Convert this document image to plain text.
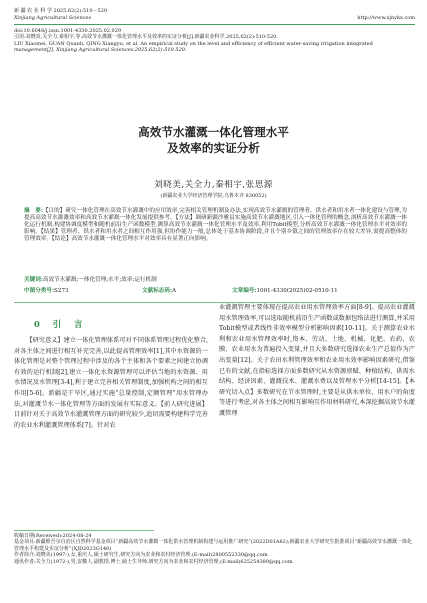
新 疆 农 业 科 学 2025,62(2):510－520
Xinjiang Agricultural Sciences	http://www.xjnykx.com
doi:10.6048/j.issn.1001-4330.2025.02.029
引用:刘晓炎,关全力,秦相宇,等.高效节水灌溉一体化管理水平及效率的实证分析[J].新疆农业科学,2025,62(2):510-520.
LIU Xiaomei, GUAN Quanli, QING Xiangyu, et al. An empirical study on the level and efficiency of efficient water-saving irrigation integrated
management[J]. Xinjiang Agricultural Sciences,2025,62(2):510-520.
高效节水灌溉一体化管理水平
及效率的实证分析
刘晓美,关全力,秦相宇,张思源
(新疆农业大学经济管理学院,乌鲁木齐 830052)
摘　要:【目的】研究一体化管理在高效节水灌溉中的应用效率,完善相关管理机制及办法,实现高效节水灌溉的管理者、供水者和用水者一体化建设与管理,为提高高效节水灌溉效率和高效节水灌溉一体化发展提供参考。【方法】调研新疆沙雅县实施高效节水灌溉地区,引入一体化管理的概念,剖析高效节水灌溉一体化运行机制,构建协调度模型和随机前沿生产函数模型,测算高效节水灌溉一体化管理水平及效率,利用Tobit模型,分析高效节水灌溉一体化管理水平对效率的影响。【结果】管理者、供水者和用水者之间相互作用强,但协作能力一般,总体处于基本协调阶段,并且个别乡镇之间的管理效率存在较大差异,需提高整体的管理效率。【结论】高效节水灌溉一体化管理水平对效率具有显著正向影响。
关键词:高效节水灌溉;一体化管理;水平;效率;运行机制
中图分类号:S273	文献标志码:A	文章编号:1001-4330(2025)02-0510-11
0 引 言

【研究意义】建立一体化管理体系可对不同体系管理过程优化整合,对各主体之间进行相互补充完善,以此提高管理效率[1],其中水资源的一体化管理是对整个管理过程中涉及的各个主体和各个要素之间建立协调有效的运行机制[2],建立一体化水资源管理可以评估当地的水资源、用水情况及水管理[3-4],利于建立完善相关管理制度,加强机构之间的相互作用[5-6]。新疆是干旱区,通过实施“总量控制,定额管理”用水管理办法,对灌溉节水一体化管理等方面的发展有实际意义。【前人研究进展】目前针对关于高效节水灌溉管理方面的研究较少,追切需要构建科学完善的农业水利灌溉管理体系[7]。针对农

业灌溉管理主要体现在提高农业用水管理效率方面[8-9]。提高农业灌溉用水管理效率,可以选取随机前沿生产函数或数据包络法进行测算,并采用Tobit模型或者线性非效率模型分析影响因素[10-11]。关于测算农业水利和农业用水管理效率时,资本、劳动、土地、机械、化肥、农药、农膜、农业用水为普遍投入变量,并且大多数研究选择农业生产总值作为产出变量[12]。关于农田水利管理效率和农业用水效率影响因素研究,借鉴已有的文献,在指标选择方面多数研究从水资源禀赋、种植结构、供需水结构、经济因素、灌溉技术、灌溉水费以及管理水平分析[14-15]。【本研究切入点】多数研究在节水管理时,主要是从供水单位、用水户的角度等进行考虑,对各主体之间相互影响互作用材料研究,本深挖掘高效节水灌溉管理

收稿日期(Received):2024-08-24
基金项目:新疆维吾尔自治区自然科学基金项目“新疆高效节水灌溉一体化供水管理机制构建与运用推广研究”(2022D01A82);新疆农业大学研究生批准项目“新疆高效节水灌溉一体化管理水平构建及实证分析”(XJD2023G140)
作者简介:刘晓美(1997-),女,重庆人,硕士研究生,研究方向为农业和农村经济管理,(E-mail)2800552330@qq.com
通讯作者:关全力(1972-),男,安徽人,副教授,博士,硕士生导师,研究方向为农业和农村经济管理,(E-mail)625254380@qq.com
